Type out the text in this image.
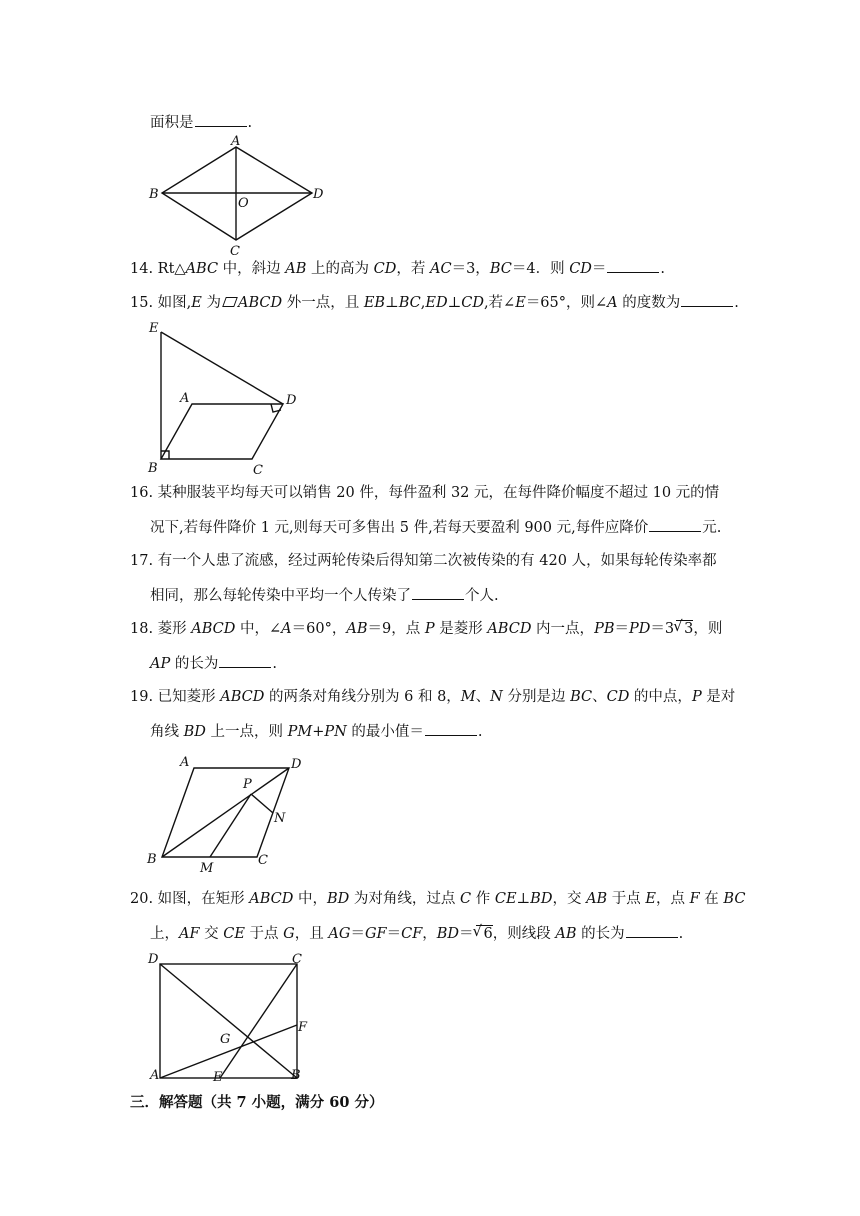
面积是	.
A
B
C
D
O
14. Rt△ABC 中，斜边 AB 上的高为 CD，若 AC＝3，BC＝4．则 CD＝	.
15. 如图,E 为 ABCD 外一点，且 EB⊥BC,ED⊥CD,若∠E＝65°，则∠A 的度数为	.
E
A	D
B	C
16. 某种服装平均每天可以销售 20 件，每件盈利 32 元，在每件降价幅度不超过 10 元的情
况下,若每件降价 1 元,则每天可多售出 5 件,若每天要盈利 900 元,每件应降价	元.
17. 有一个人患了流感，经过两轮传染后得知第二次被传染的有 420 人，如果每轮传染率都
相同，那么每轮传染中平均一个人传染了	个人.
18. 菱形 ABCD 中，∠A＝60°，AB＝9，点 P 是菱形 ABCD 内一点，PB＝PD＝3 √ 3，则
AP 的长为	.
19. 已知菱形 ABCD 的两条对角线分别为 6 和 8，M、N 分别是边 BC、CD 的中点，P 是对
角线 BD 上一点，则 PM+PN 的最小值＝	.
A	D
P
N
B
M
C
20. 如图，在矩形 ABCD 中，BD 为对角线，过点 C 作 CE⊥BD，交 AB 于点 E，点 F 在 BC
上，AF 交 CE 于点 G，且 AG＝GF＝CF，BD＝ √ 6，则线段 AB 的长为	.
D	C
F
G
A	E	B
三．解答题（共 7 小题，满分 60 分）
